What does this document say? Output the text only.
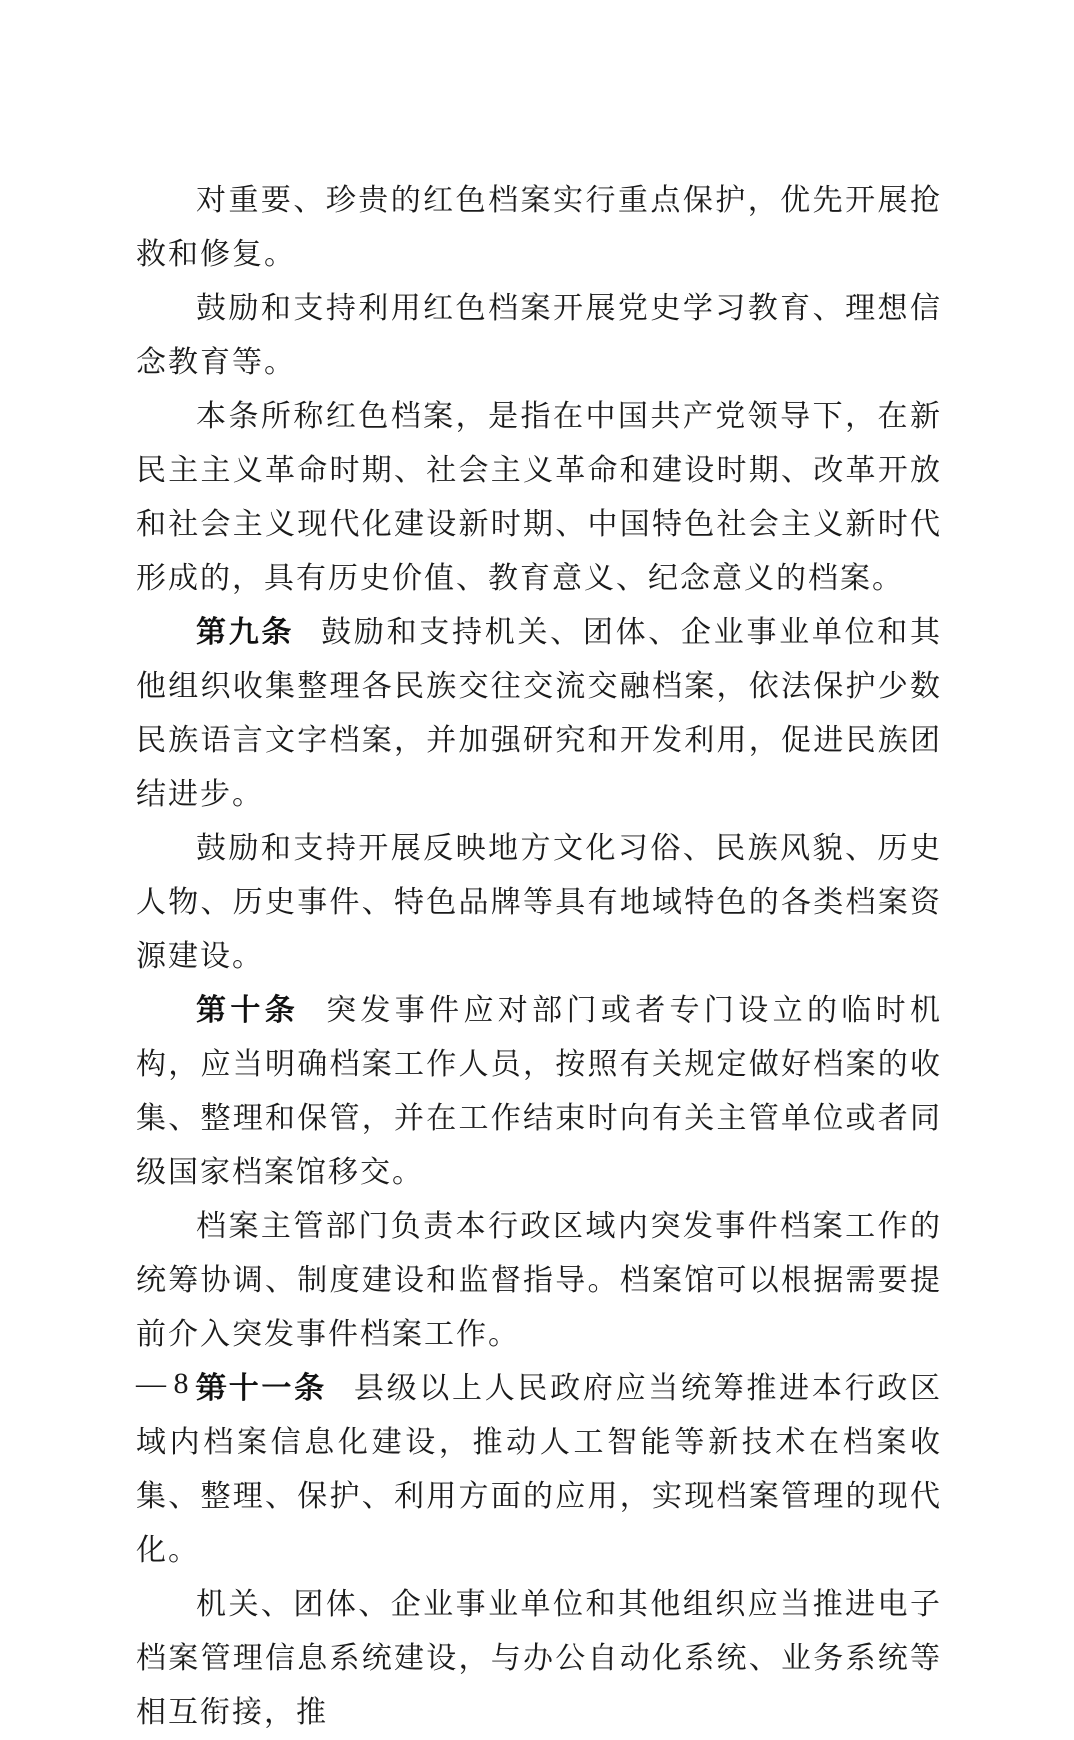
对重要、珍贵的红色档案实行重点保护，优先开展抢救和修复。

鼓励和支持利用红色档案开展党史学习教育、理想信念教育等。

本条所称红色档案，是指在中国共产党领导下，在新民主主义革命时期、社会主义革命和建设时期、改革开放和社会主义现代化建设新时期、中国特色社会主义新时代形成的，具有历史价值、教育意义、纪念意义的档案。

第九条 鼓励和支持机关、团体、企业事业单位和其他组织收集整理各民族交往交流交融档案，依法保护少数民族语言文字档案，并加强研究和开发利用，促进民族团结进步。

鼓励和支持开展反映地方文化习俗、民族风貌、历史人物、历史事件、特色品牌等具有地域特色的各类档案资源建设。

第十条 突发事件应对部门或者专门设立的临时机构，应当明确档案工作人员，按照有关规定做好档案的收集、整理和保管，并在工作结束时向有关主管单位或者同级国家档案馆移交。

档案主管部门负责本行政区域内突发事件档案工作的统筹协调、制度建设和监督指导。档案馆可以根据需要提前介入突发事件档案工作。

第十一条 县级以上人民政府应当统筹推进本行政区域内档案信息化建设，推动人工智能等新技术在档案收集、整理、保护、利用方面的应用，实现档案管理的现代化。

机关、团体、企业事业单位和其他组织应当推进电子档案管理信息系统建设，与办公自动化系统、业务系统等相互衔接，推

— 8 —
